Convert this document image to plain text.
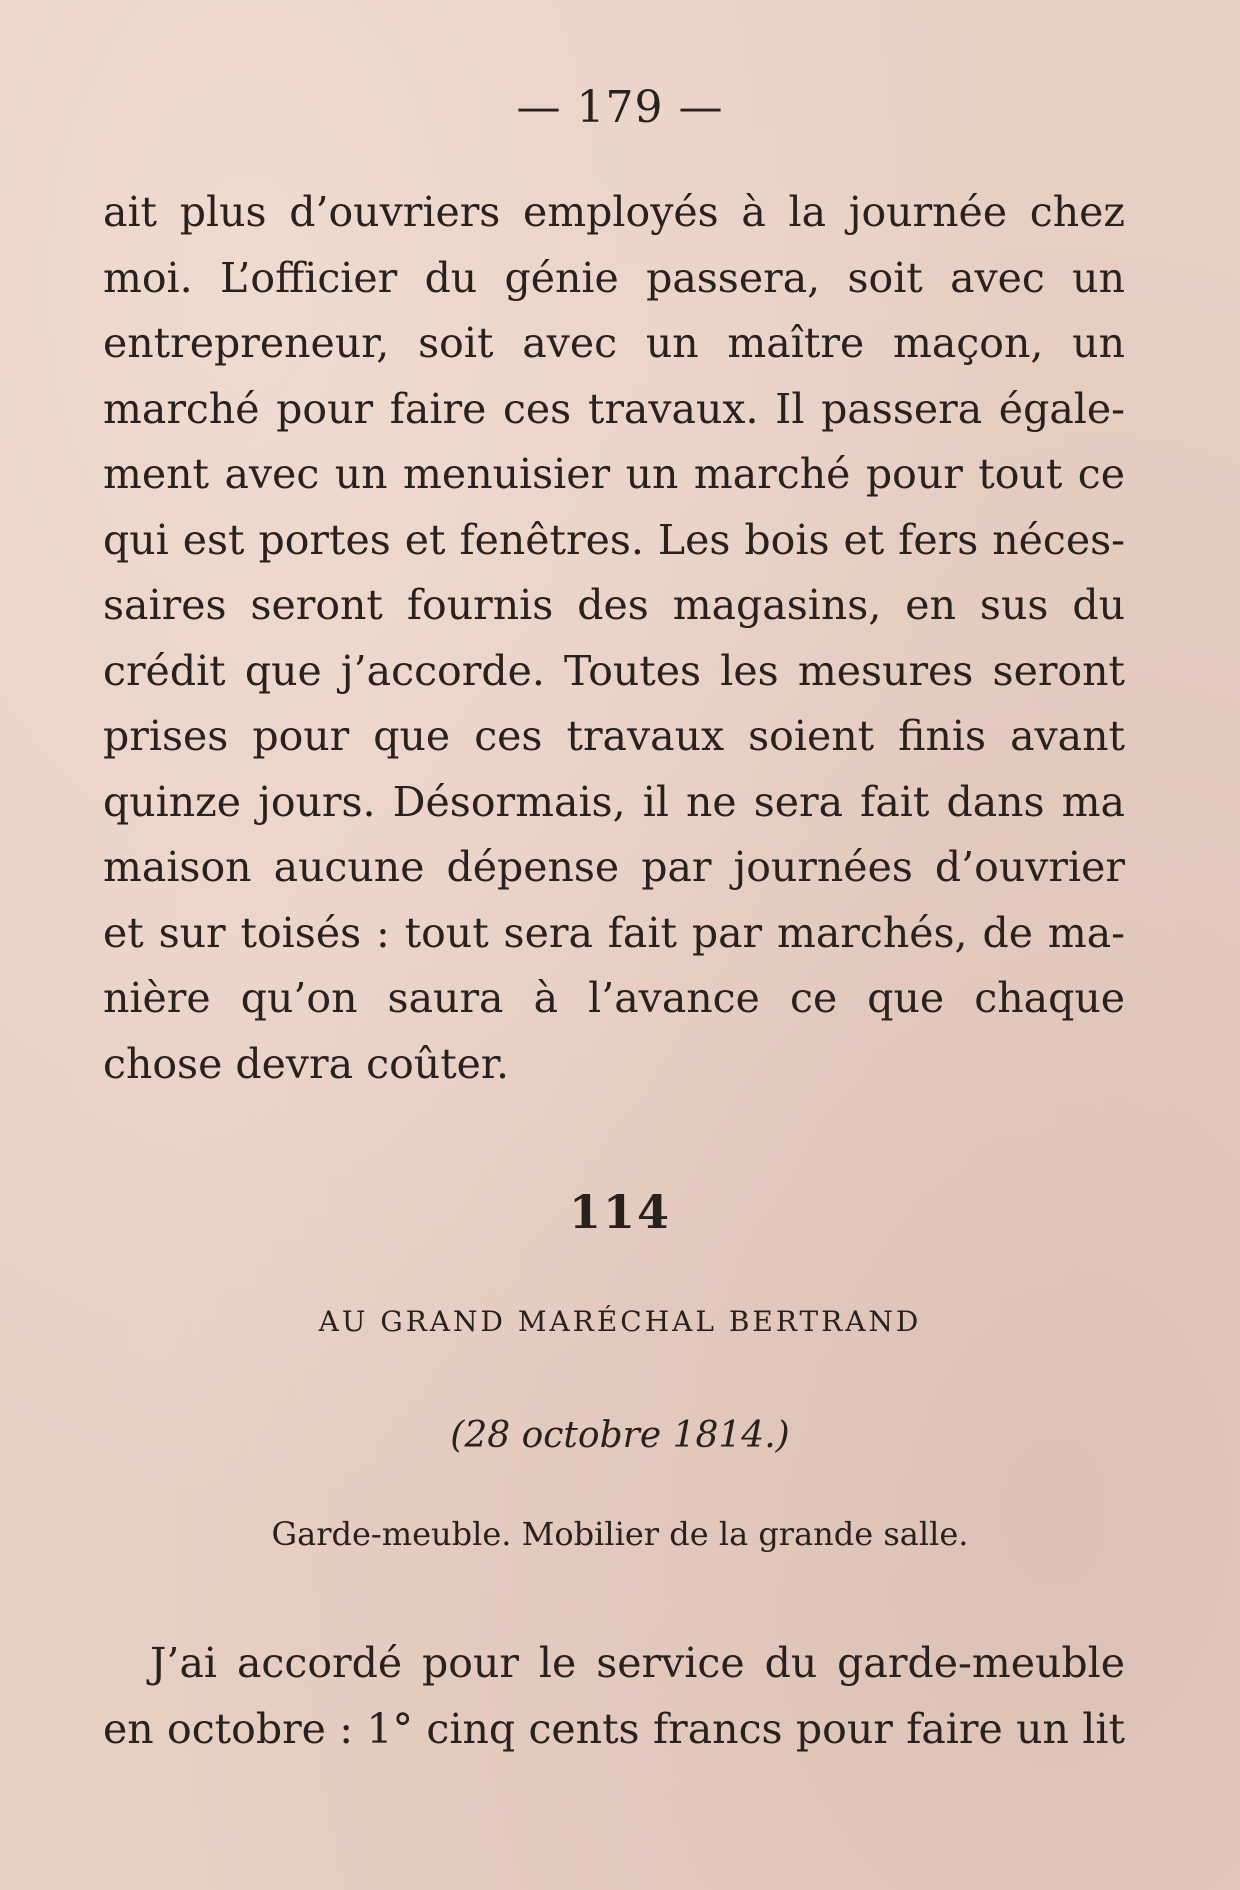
— 179 —
ait plus d’ouvriers employés à la journée chez
moi. L’officier du génie passera, soit avec un
entrepreneur, soit avec un maître maçon, un
marché pour faire ces travaux. Il passera égale-
ment avec un menuisier un marché pour tout ce
qui est portes et fenêtres. Les bois et fers néces-
saires seront fournis des magasins, en sus du
crédit que j’accorde. Toutes les mesures seront
prises pour que ces travaux soient finis avant
quinze jours. Désormais, il ne sera fait dans ma
maison aucune dépense par journées d’ouvrier
et sur toisés : tout sera fait par marchés, de ma-
nière qu’on saura à l’avance ce que chaque
chose devra coûter.
114
AU GRAND MARÉCHAL BERTRAND
(28 octobre 1814.)
Garde-meuble. Mobilier de la grande salle.
J’ai accordé pour le service du garde-meuble
en octobre : 1° cinq cents francs pour faire un lit
